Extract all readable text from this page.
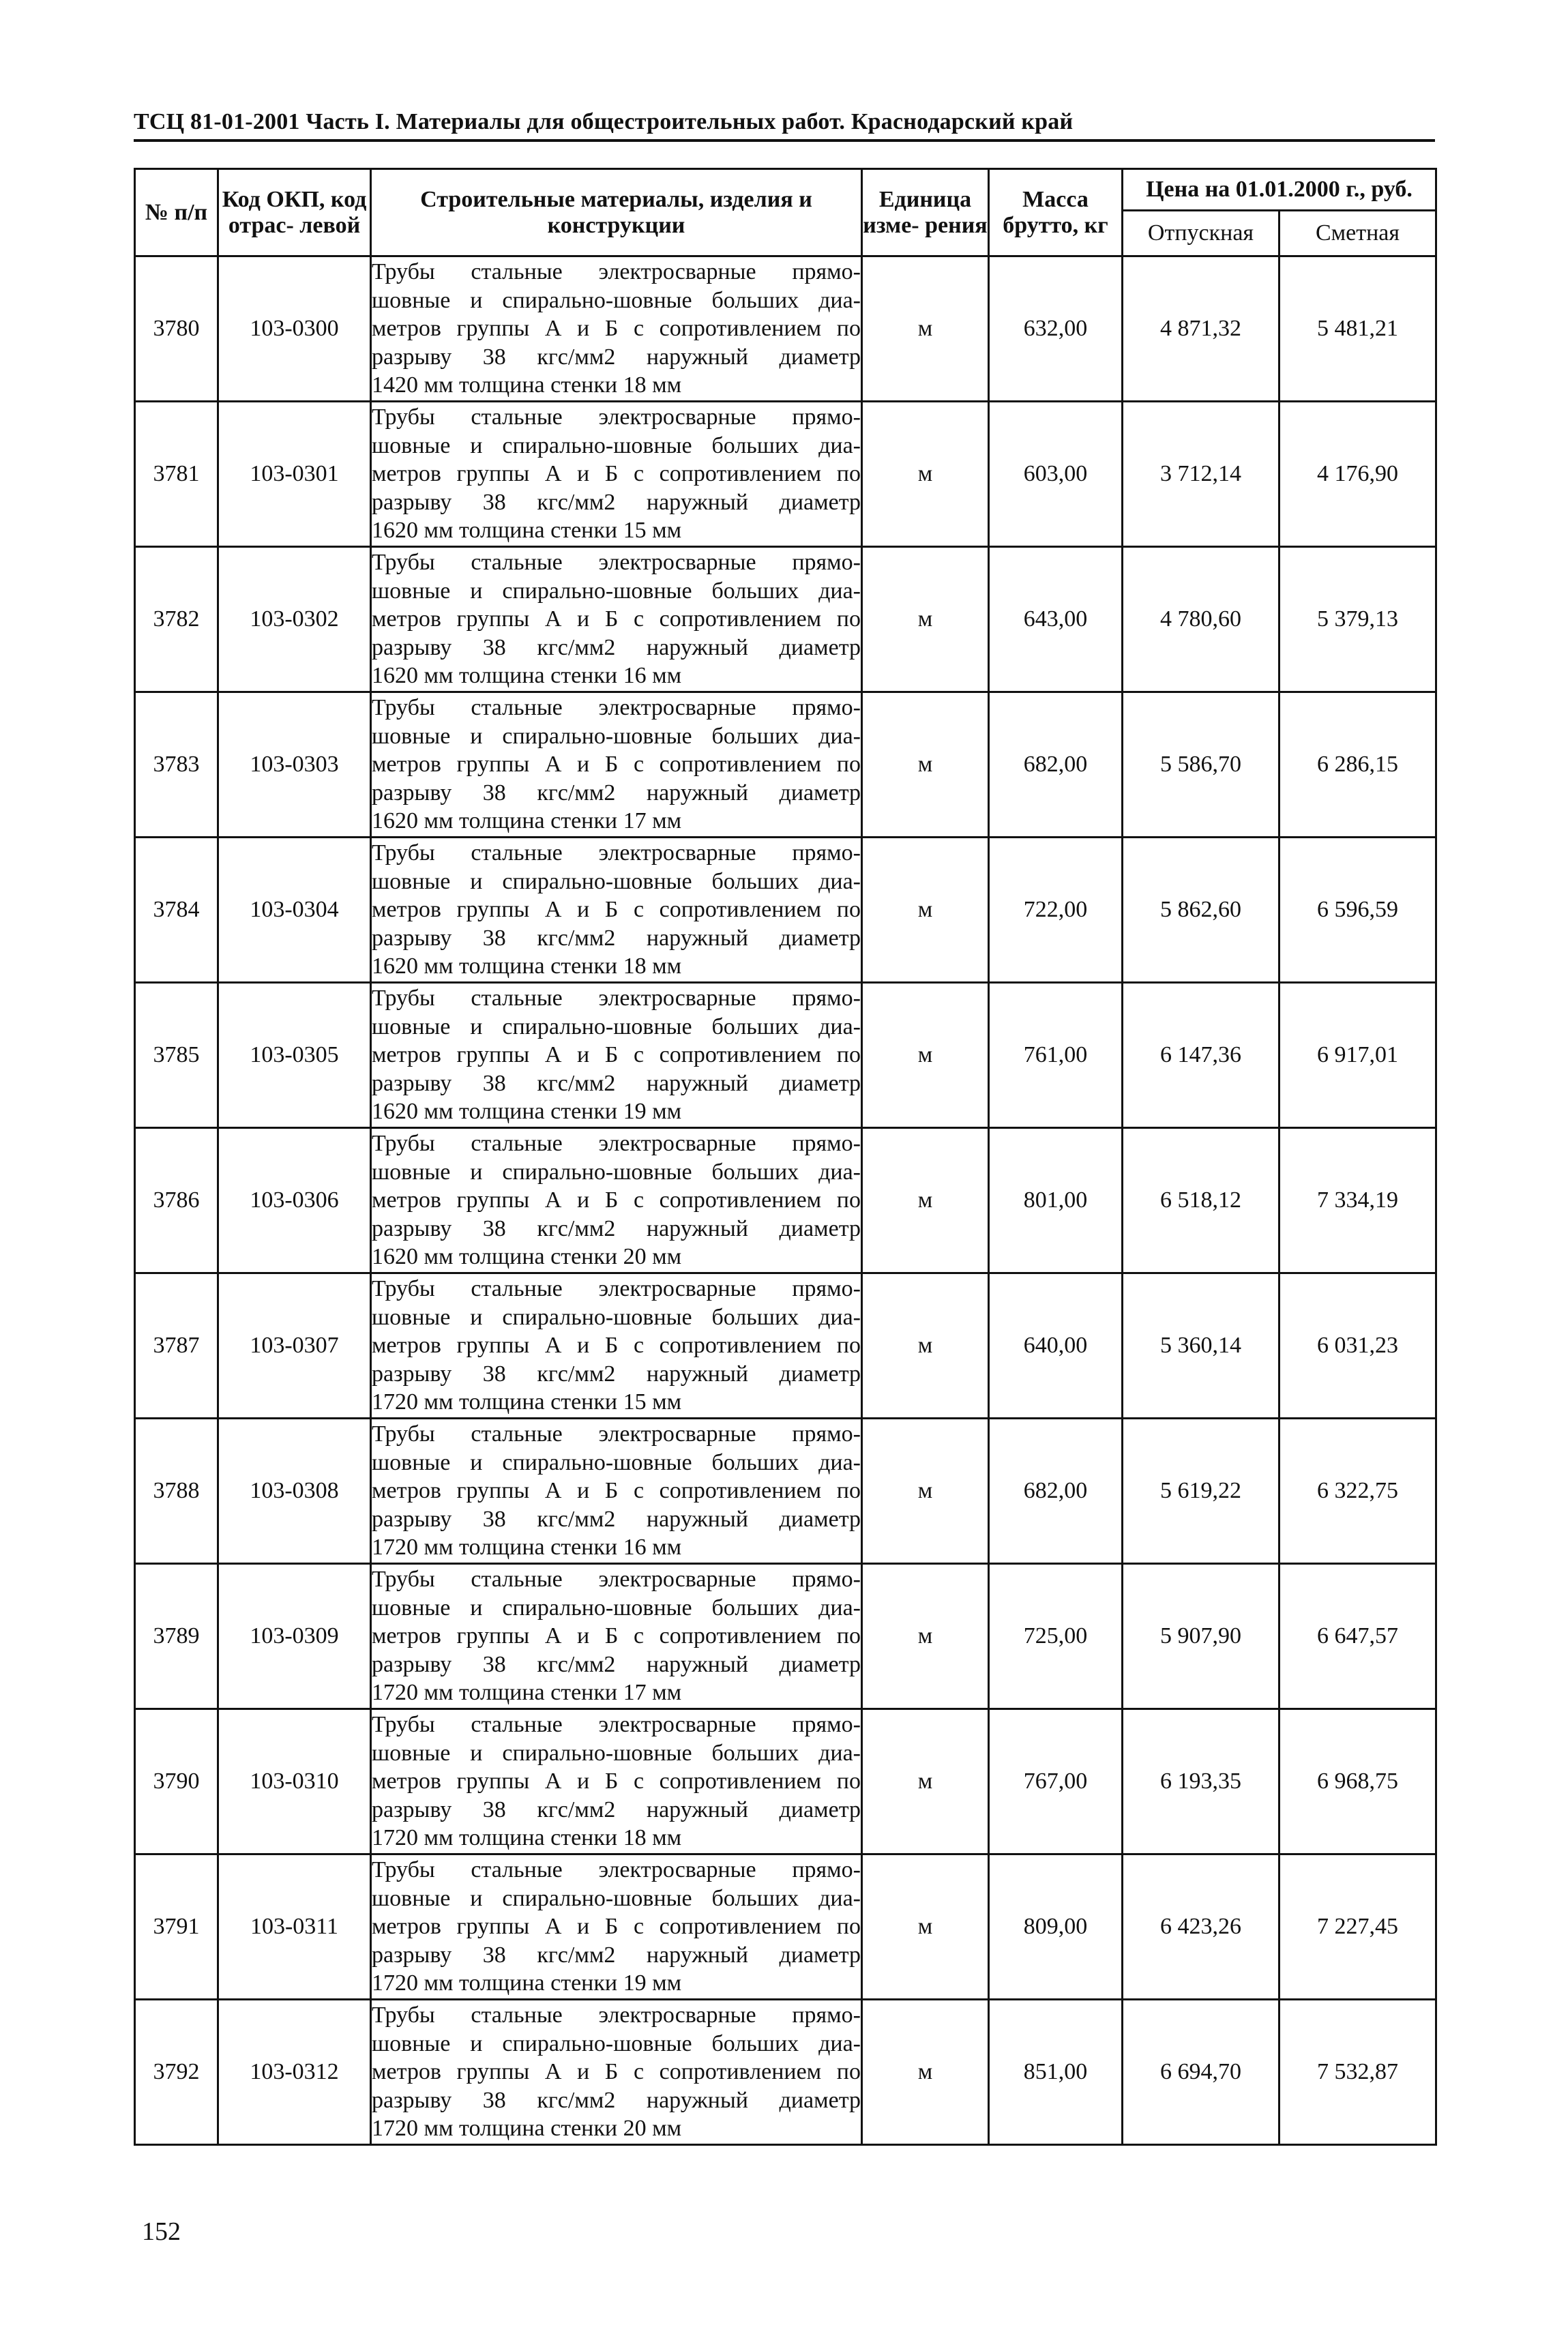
ТСЦ 81-01-2001 Часть I. Материалы для общестроительных работ. Краснодарский край
№ п/п	Код ОКП, код отрас- левой	Строительные материалы, изделия и конструкции	Единица изме- рения	Масса брутто, кг	Цена на 01.01.2000 г., руб.	
					Отпускная	Сметная
3780	103-0300	Трубы стальные электросварные прямо-
шовные и спирально-шовные больших диа-
метров группы А и Б с сопротивлением по
разрыву 38 кгс/мм2 наружный диаметр
1420 мм толщина стенки 18 мм	м	632,00	4 871,32	5 481,21
3781	103-0301	Трубы стальные электросварные прямо-
шовные и спирально-шовные больших диа-
метров группы А и Б с сопротивлением по
разрыву 38 кгс/мм2 наружный диаметр
1620 мм толщина стенки 15 мм	м	603,00	3 712,14	4 176,90
3782	103-0302	Трубы стальные электросварные прямо-
шовные и спирально-шовные больших диа-
метров группы А и Б с сопротивлением по
разрыву 38 кгс/мм2 наружный диаметр
1620 мм толщина стенки 16 мм	м	643,00	4 780,60	5 379,13
3783	103-0303	Трубы стальные электросварные прямо-
шовные и спирально-шовные больших диа-
метров группы А и Б с сопротивлением по
разрыву 38 кгс/мм2 наружный диаметр
1620 мм толщина стенки 17 мм	м	682,00	5 586,70	6 286,15
3784	103-0304	Трубы стальные электросварные прямо-
шовные и спирально-шовные больших диа-
метров группы А и Б с сопротивлением по
разрыву 38 кгс/мм2 наружный диаметр
1620 мм толщина стенки 18 мм	м	722,00	5 862,60	6 596,59
3785	103-0305	Трубы стальные электросварные прямо-
шовные и спирально-шовные больших диа-
метров группы А и Б с сопротивлением по
разрыву 38 кгс/мм2 наружный диаметр
1620 мм толщина стенки 19 мм	м	761,00	6 147,36	6 917,01
3786	103-0306	Трубы стальные электросварные прямо-
шовные и спирально-шовные больших диа-
метров группы А и Б с сопротивлением по
разрыву 38 кгс/мм2 наружный диаметр
1620 мм толщина стенки 20 мм	м	801,00	6 518,12	7 334,19
3787	103-0307	Трубы стальные электросварные прямо-
шовные и спирально-шовные больших диа-
метров группы А и Б с сопротивлением по
разрыву 38 кгс/мм2 наружный диаметр
1720 мм толщина стенки 15 мм	м	640,00	5 360,14	6 031,23
3788	103-0308	Трубы стальные электросварные прямо-
шовные и спирально-шовные больших диа-
метров группы А и Б с сопротивлением по
разрыву 38 кгс/мм2 наружный диаметр
1720 мм толщина стенки 16 мм	м	682,00	5 619,22	6 322,75
3789	103-0309	Трубы стальные электросварные прямо-
шовные и спирально-шовные больших диа-
метров группы А и Б с сопротивлением по
разрыву 38 кгс/мм2 наружный диаметр
1720 мм толщина стенки 17 мм	м	725,00	5 907,90	6 647,57
3790	103-0310	Трубы стальные электросварные прямо-
шовные и спирально-шовные больших диа-
метров группы А и Б с сопротивлением по
разрыву 38 кгс/мм2 наружный диаметр
1720 мм толщина стенки 18 мм	м	767,00	6 193,35	6 968,75
3791	103-0311	Трубы стальные электросварные прямо-
шовные и спирально-шовные больших диа-
метров группы А и Б с сопротивлением по
разрыву 38 кгс/мм2 наружный диаметр
1720 мм толщина стенки 19 мм	м	809,00	6 423,26	7 227,45
3792	103-0312	Трубы стальные электросварные прямо-
шовные и спирально-шовные больших диа-
метров группы А и Б с сопротивлением по
разрыву 38 кгс/мм2 наружный диаметр
1720 мм толщина стенки 20 мм	м	851,00	6 694,70	7 532,87
152
